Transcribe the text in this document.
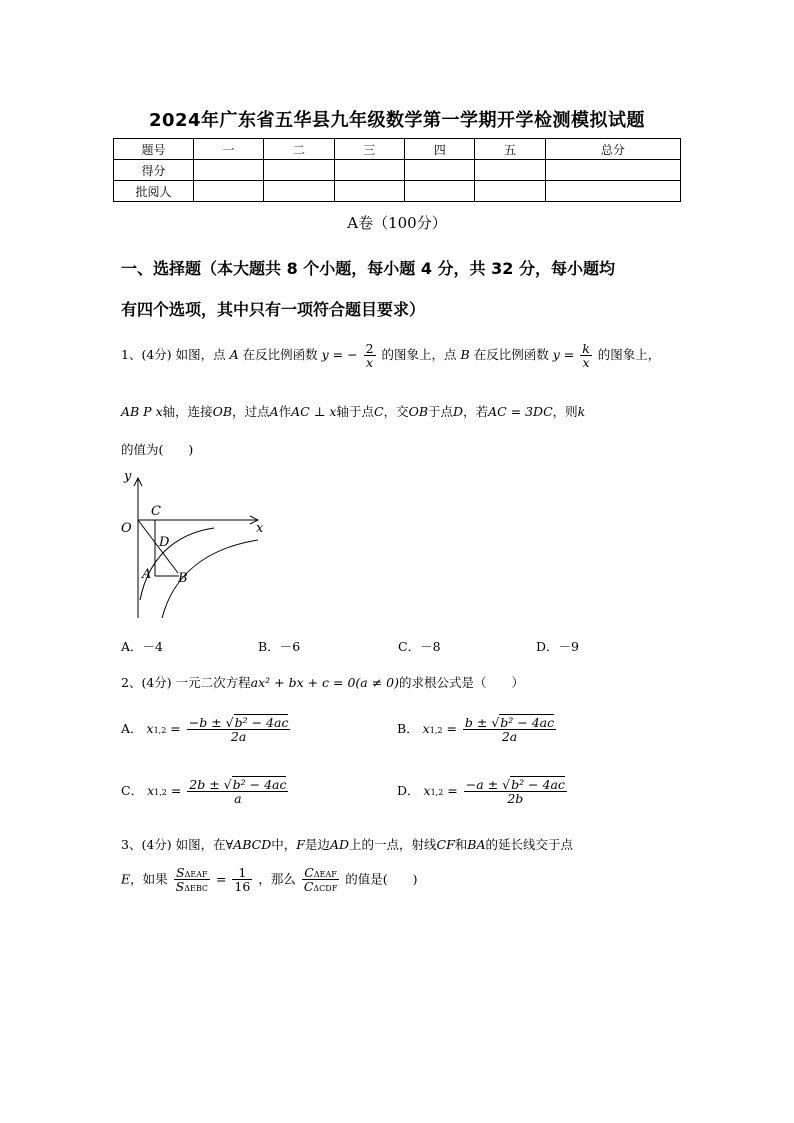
2024年广东省五华县九年级数学第一学期开学检测模拟试题
题号	一	二	三	四	五	总分
得分						
批阅人						
A卷（100分）
一、选择题（本大题共 8 个小题，每小题 4 分，共 32 分，每小题均
有四个选项，其中只有一项符合题目要求）
1、(4分) 如图，点 A 在反比例函数 y = − $\frac{2}{x}$ 的图象上，点 B 在反比例函数 $y = \frac{k}{x}$ 的图象上，
AB P x轴，连接OB，过点A作AC ⊥ x轴于点C，交OB于点D，若AC = 3DC，则k
的值为(　　)
y
C
O	x
D
A B
A．－4	B．－6	C．－8	D．－9
2、(4分) 一元二次方程ax² + bx + c = 0(a ≠ 0)的求根公式是（　　）
A． $x1,2 = \frac{\text{−b ± √b² − 4ac}}{2a}$	B． $x1,2 = \frac{\text{b ± √b² − 4ac}}{2a}$
C． $x1,2 = \frac{\text{2b ± √b² − 4ac}}{a}$	D． $x1,2 = \frac{\text{−a ± √b² − 4ac}}{2b}$
3、(4分) 如图，在∀ABCD中，F是边AD上的一点，射线CF和BA的延长线交于点
E，如果 $\frac{\text{SΔEAF}}{\text{SΔEBC}} = \frac{1}{16}$ ，那么 $\frac{\text{CΔEAF}}{\text{CΔCDF}}$ 的值是(　　)
